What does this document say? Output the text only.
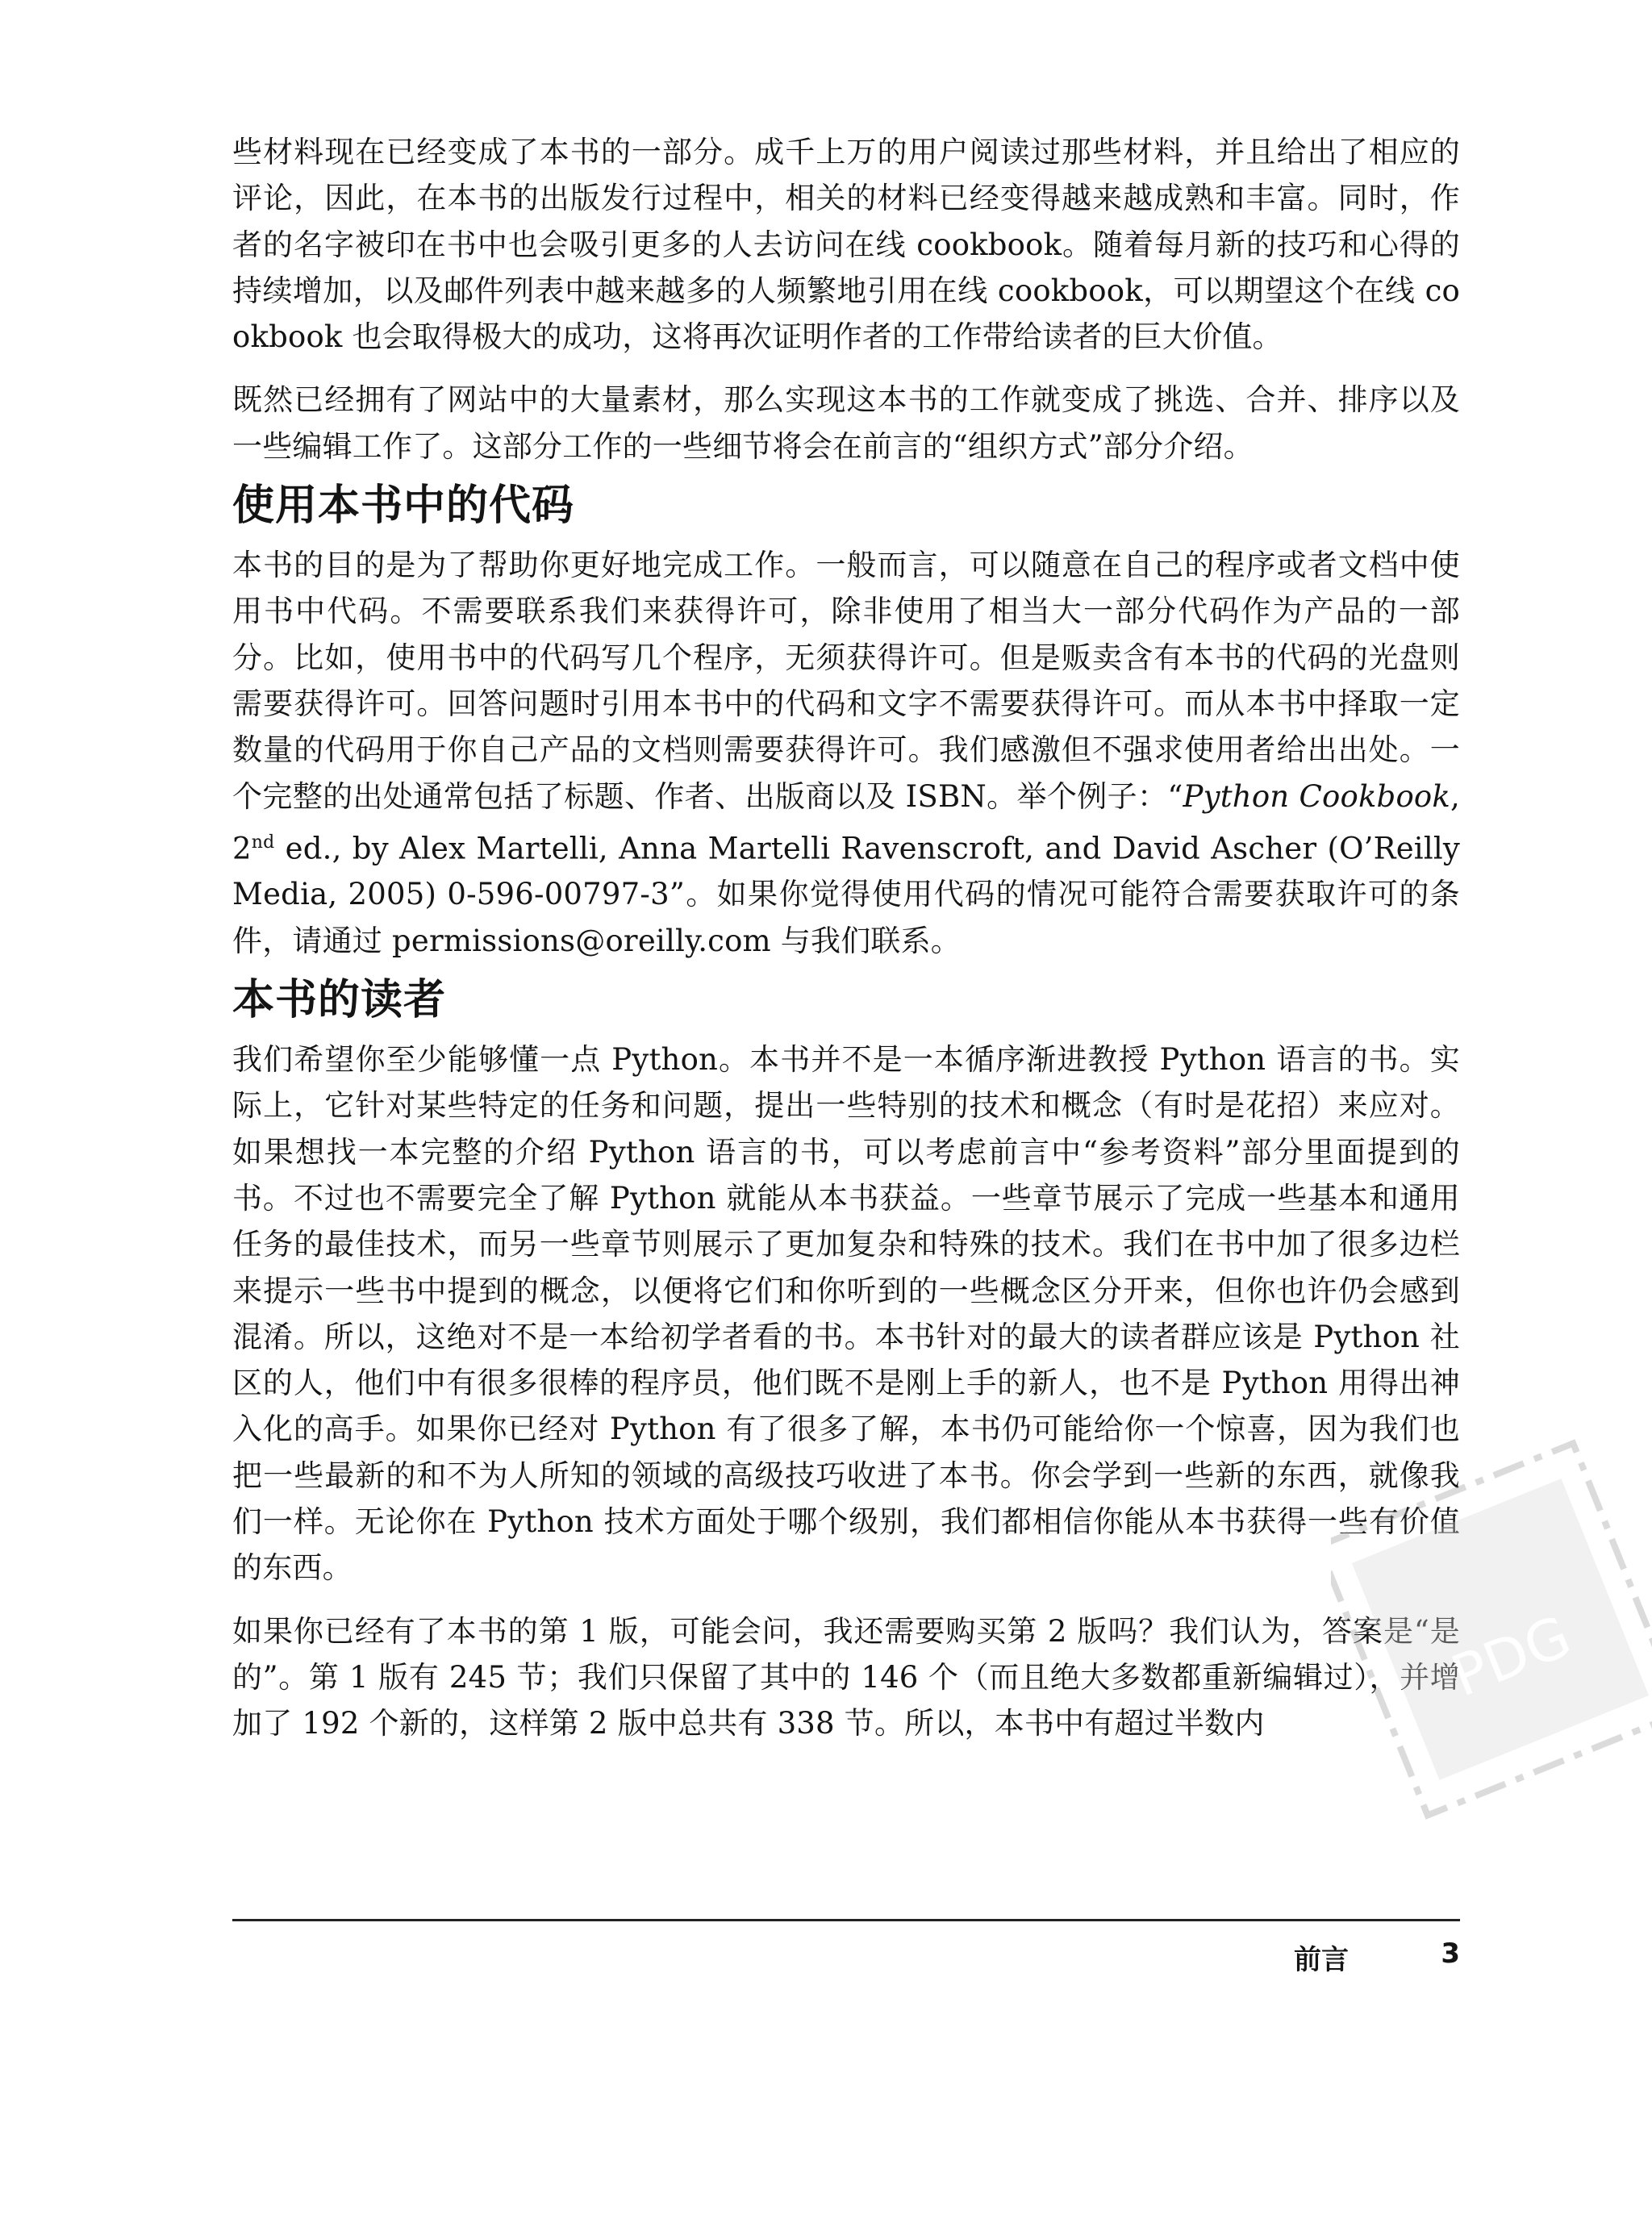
些材料现在已经变成了本书的一部分。成千上万的用户阅读过那些材料，并且给出了相应的评论，因此，在本书的出版发行过程中，相关的材料已经变得越来越成熟和丰富。同时，作者的名字被印在书中也会吸引更多的人去访问在线 cookbook。随着每月新的技巧和心得的持续增加，以及邮件列表中越来越多的人频繁地引用在线 cookbook，可以期望这个在线 cookbook 也会取得极大的成功，这将再次证明作者的工作带给读者的巨大价值。

既然已经拥有了网站中的大量素材，那么实现这本书的工作就变成了挑选、合并、排序以及一些编辑工作了。这部分工作的一些细节将会在前言的“组织方式”部分介绍。

使用本书中的代码

本书的目的是为了帮助你更好地完成工作。一般而言，可以随意在自己的程序或者文档中使用书中代码。不需要联系我们来获得许可，除非使用了相当大一部分代码作为产品的一部分。比如，使用书中的代码写几个程序，无须获得许可。但是贩卖含有本书的代码的光盘则需要获得许可。回答问题时引用本书中的代码和文字不需要获得许可。而从本书中择取一定数量的代码用于你自己产品的文档则需要获得许可。我们感激但不强求使用者给出出处。一个完整的出处通常包括了标题、作者、出版商以及 ISBN。举个例子：“Python Cookbook, 2nd ed., by Alex Martelli, Anna Martelli Ravenscroft, and David Ascher (O’Reilly Media, 2005) 0-596-00797-3”。如果你觉得使用代码的情况可能符合需要获取许可的条件，请通过 permissions@oreilly.com 与我们联系。

本书的读者

我们希望你至少能够懂一点 Python。本书并不是一本循序渐进教授 Python 语言的书。实际上，它针对某些特定的任务和问题，提出一些特别的技术和概念（有时是花招）来应对。如果想找一本完整的介绍 Python 语言的书，可以考虑前言中“参考资料”部分里面提到的书。不过也不需要完全了解 Python 就能从本书获益。一些章节展示了完成一些基本和通用任务的最佳技术，而另一些章节则展示了更加复杂和特殊的技术。我们在书中加了很多边栏来提示一些书中提到的概念，以便将它们和你听到的一些概念区分开来，但你也许仍会感到混淆。所以，这绝对不是一本给初学者看的书。本书针对的最大的读者群应该是 Python 社区的人，他们中有很多很棒的程序员，他们既不是刚上手的新人，也不是 Python 用得出神入化的高手。如果你已经对 Python 有了很多了解，本书仍可能给你一个惊喜，因为我们也把一些最新的和不为人所知的领域的高级技巧收进了本书。你会学到一些新的东西，就像我们一样。无论你在 Python 技术方面处于哪个级别，我们都相信你能从本书获得一些有价值的东西。

如果你已经有了本书的第 1 版，可能会问，我还需要购买第 2 版吗？我们认为，答案是“是的”。第 1 版有 245 节；我们只保留了其中的 146 个（而且绝大多数都重新编辑过），并增加了 192 个新的，这样第 2 版中总共有 338 节。所以，本书中有超过半数内

前言	3
PDG
